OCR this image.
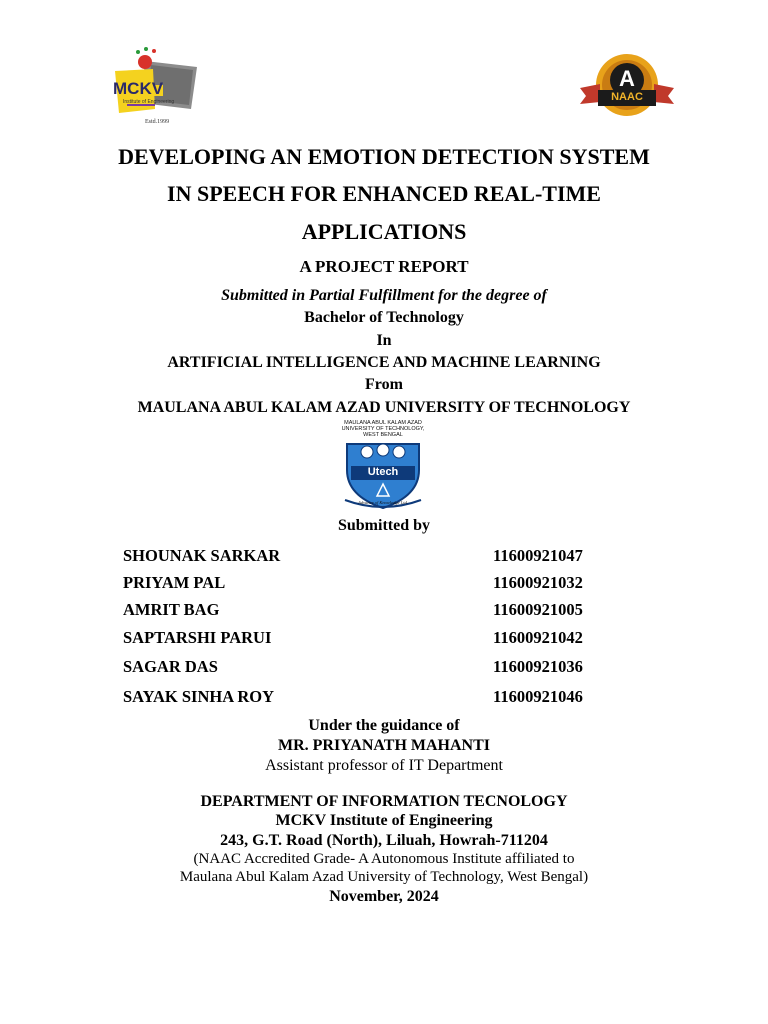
MCKV
Institute of Engineering
Estd.1999
A
NAAC
DEVELOPING AN EMOTION DETECTION SYSTEM
IN SPEECH FOR ENHANCED REAL-TIME
APPLICATIONS
A PROJECT REPORT
Submitted in Partial Fulfillment for the degree of
Bachelor of Technology
In
ARTIFICIAL INTELLIGENCE AND MACHINE LEARNING
From
MAULANA ABUL KALAM AZAD UNIVERSITY OF TECHNOLOGY
MAULANA ABUL KALAM AZAD
UNIVERSITY OF TECHNOLOGY,
WEST BENGAL
Utech
Advance of Knowledge Ltd.
Submitted by
SHOUNAK SARKAR	11600921047
PRIYAM PAL	11600921032
AMRIT BAG	11600921005
SAPTARSHI PARUI	11600921042
SAGAR DAS	11600921036
SAYAK SINHA ROY	11600921046
Under the guidance of
MR. PRIYANATH MAHANTI
Assistant professor of IT Department
DEPARTMENT OF INFORMATION TECNOLOGY
MCKV Institute of Engineering
243, G.T. Road (North), Liluah, Howrah-711204
(NAAC Accredited Grade- A Autonomous Institute affiliated to
Maulana Abul Kalam Azad University of Technology, West Bengal)
November, 2024
